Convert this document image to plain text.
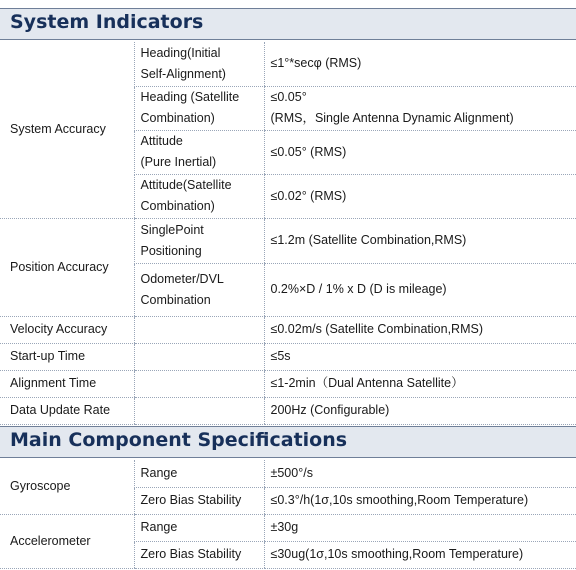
System Indicators
System Accuracy	Heading(Initial
Self-Alignment)	≤1°*secφ (RMS)

	Heading (Satellite
Combination)	≤0.05°
(RMS，Single Antenna Dynamic Alignment)

	Attitude
(Pure Inertial)	≤0.05° (RMS)

	Attitude(Satellite
Combination)	≤0.02° (RMS)
Position Accuracy	SinglePoint
Positioning	≤1.2m (Satellite Combination,RMS)

	Odometer/DVL
Combination	0.2%×D / 1% x D (D is mileage)
Velocity Accuracy		≤0.02m/s (Satellite Combination,RMS)
Start-up Time		≤5s
Alignment Time		≤1-2min（Dual Antenna Satellite）
Data Update Rate		200Hz (Configurable)
Main Component Specifications
Gyroscope	Range	±500°/s
	Zero Bias Stability	≤0.3°/h(1σ,10s smoothing,Room Temperature)
Accelerometer	Range	±30g
	Zero Bias Stability	≤30ug(1σ,10s smoothing,Room Temperature)
